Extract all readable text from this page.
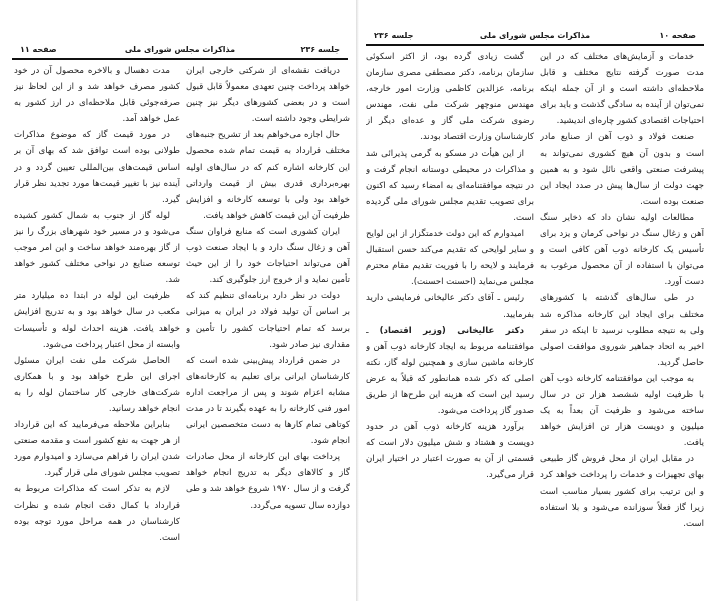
جلسه ۲۳۶
مذاکرات مجلس شورای ملی
صفحه ۱۱

دریافت نقشه‌ای از شرکتی خارجی ایران خواهد پرداخت چنین تعهدی معمولاً قابل قبول است و در بعضی کشورهای دیگر نیز چنین شرایطی وجود داشته است.

حال اجازه می‌خواهم بعد از تشریح جنبه‌های مختلف قرارداد به قیمت تمام شده محصول این کارخانه اشاره کنم که در سال‌های اولیه بهره‌برداری قدری بیش از قیمت وارداتی خواهد بود ولی با توسعه کارخانه و افزایش ظرفیت آن این قیمت کاهش خواهد یافت.

ایران کشوری است که منابع فراوان سنگ آهن و زغال سنگ دارد و با ایجاد صنعت ذوب آهن می‌تواند احتیاجات خود را از این حیث تأمین نماید و از خروج ارز جلوگیری کند.

دولت در نظر دارد برنامه‌ای تنظیم کند که بر اساس آن تولید فولاد در ایران به میزانی برسد که تمام احتیاجات کشور را تأمین و مقداری نیز صادر شود.

در ضمن قرارداد پیش‌بینی شده است که کارشناسان ایرانی برای تعلیم به کارخانه‌های مشابه اعزام شوند و پس از مراجعت اداره امور فنی کارخانه را به عهده بگیرند تا در مدت کوتاهی تمام کارها به دست متخصصین ایرانی انجام شود.

پرداخت بهای این کارخانه از محل صادرات گاز و کالاهای دیگر به تدریج انجام خواهد گرفت و از سال ۱۹۷۰ شروع خواهد شد و طی دوازده سال تسویه می‌گردد.

مدت دهسال و بالاخره محصول آن در خود کشور مصرف خواهد شد و از این لحاظ نیز صرفه‌جوئی قابل ملاحظه‌ای در ارز کشور به عمل خواهد آمد.

در مورد قیمت گاز که موضوع مذاکرات طولانی بوده است توافق شد که بهای آن بر اساس قیمت‌های بین‌المللی تعیین گردد و در آینده نیز با تغییر قیمت‌ها مورد تجدید نظر قرار گیرد.

لوله گاز از جنوب به شمال کشور کشیده می‌شود و در مسیر خود شهرهای بزرگ را نیز از گاز بهره‌مند خواهد ساخت و این امر موجب توسعه صنایع در نواحی مختلف کشور خواهد شد.

ظرفیت این لوله در ابتدا ده میلیارد متر مکعب در سال خواهد بود و به تدریج افزایش خواهد یافت. هزینه احداث لوله و تأسیسات وابسته از محل اعتبار پرداخت می‌شود.

الحاصل شرکت ملی نفت ایران مسئول اجرای این طرح خواهد بود و با همکاری شرکت‌های خارجی کار ساختمان لوله را به انجام خواهد رسانید.

بنابراین ملاحظه می‌فرمایید که این قرارداد از هر جهت به نفع کشور است و مقدمه صنعتی شدن ایران را فراهم می‌سازد و امیدوارم مورد تصویب مجلس شورای ملی قرار گیرد.

لازم به تذکر است که مذاکرات مربوط به قرارداد با کمال دقت انجام شده و نظرات کارشناسان در همه مراحل مورد توجه بوده است.

صفحه ۱۰
مذاکرات مجلس شورای ملی
جلسه ۲۳۶

خدمات و آزمایش‌های مختلف که در این مدت صورت گرفته نتایج مختلف و قابل ملاحظه‌ای داشته است و از آن جمله اینکه نمی‌توان از آینده به سادگی گذشت و باید برای احتیاجات اقتصادی کشور چاره‌ای اندیشید.

صنعت فولاد و ذوب آهن از صنایع مادر است و بدون آن هیچ کشوری نمی‌تواند به پیشرفت صنعتی واقعی نائل شود و به همین جهت دولت از سال‌ها پیش در صدد ایجاد این صنعت بوده است.

مطالعات اولیه نشان داد که ذخایر سنگ آهن و زغال سنگ در نواحی کرمان و یزد برای تأسیس یک کارخانه ذوب آهن کافی است و می‌توان با استفاده از آن محصول مرغوب به دست آورد.

در طی سال‌های گذشته با کشورهای مختلف برای ایجاد این کارخانه مذاکره شد ولی به نتیجه مطلوب نرسید تا اینکه در سفر اخیر به اتحاد جماهیر شوروی موافقت اصولی حاصل گردید.

به موجب این موافقتنامه کارخانه ذوب آهن با ظرفیت اولیه ششصد هزار تن در سال ساخته می‌شود و ظرفیت آن بعداً به یک میلیون و دویست هزار تن افزایش خواهد یافت.

در مقابل ایران از محل فروش گاز طبیعی بهای تجهیزات و خدمات را پرداخت خواهد کرد و این ترتیب برای کشور بسیار مناسب است زیرا گاز فعلاً سوزانده می‌شود و بلا استفاده است.

گشت زیادی گرده بود، از اکثر اسکوئی سازمان برنامه، دکتر مصطفی مصری سازمان برنامه، عزالدین کاظمی وزارت امور خارجه، مهندس منوچهر شرکت ملی نفت، مهندس رضوی شرکت ملی گاز و عده‌ای دیگر از کارشناسان وزارت اقتصاد بودند.

از این هیأت در مسکو به گرمی پذیرائی شد و مذاکرات در محیطی دوستانه انجام گرفت و در نتیجه موافقتنامه‌ای به امضاء رسید که اکنون برای تصویب تقدیم مجلس شورای ملی گردیده است.

امیدوارم که این دولت خدمتگزار از این لوایح و سایر لوایحی که تقدیم می‌کند حسن استقبال فرمایند و لایحه را با فوریت تقدیم مقام محترم مجلس می‌نماید (احسنت احسنت).

رئیس ـ آقای دکتر عالیخانی فرمایشی دارید بفرمایید.

دکتر عالیخانی (وزیر اقتصاد) ـ موافقتنامه مربوط به ایجاد کارخانه ذوب آهن و کارخانه ماشین سازی و همچنین لوله گاز، نکته اصلی که ذکر شده همانطور که قبلاً به عرض رسید این است که هزینه این طرح‌ها از طریق صدور گاز پرداخت می‌شود.

برآورد هزینه کارخانه ذوب آهن در حدود دویست و هشتاد و شش میلیون دلار است که قسمتی از آن به صورت اعتبار در اختیار ایران قرار می‌گیرد.
